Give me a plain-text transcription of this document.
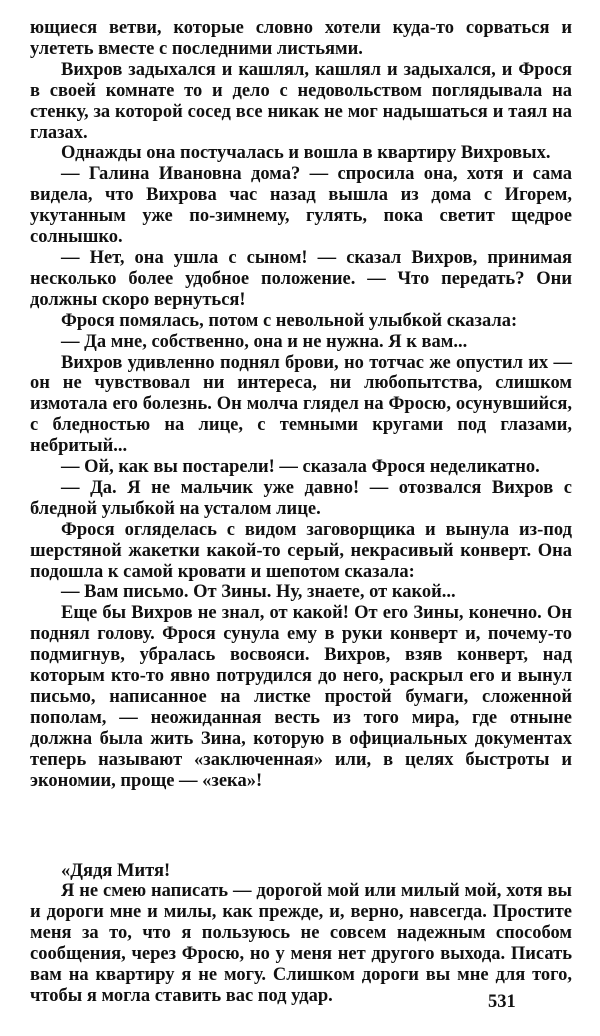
ющиеся ветви, которые словно хотели куда-то сорваться и улететь вместе с последними листьями.

Вихров задыхался и кашлял, кашлял и задыхался, и Фрося в своей комнате то и дело с недовольством поглядывала на стенку, за которой сосед все никак не мог надышаться и таял на глазах.

Однажды она постучалась и вошла в квартиру Вихровых.

— Галина Ивановна дома? — спросила она, хотя и сама видела, что Вихрова час назад вышла из дома с Игорем, укутанным уже по-зимнему, гулять, пока светит щедрое солнышко.

— Нет, она ушла с сыном! — сказал Вихров, принимая несколько более удобное положение. — Что передать? Они должны скоро вернуться!

Фрося помялась, потом с невольной улыбкой сказала:

— Да мне, собственно, она и не нужна. Я к вам...

Вихров удивленно поднял брови, но тотчас же опустил их — он не чувствовал ни интереса, ни любопытства, слишком измотала его болезнь. Он молча глядел на Фросю, осунувшийся, с бледностью на лице, с темными кругами под глазами, небритый...

— Ой, как вы постарели! — сказала Фрося неделикатно.

— Да. Я не мальчик уже давно! — отозвался Вихров с бледной улыбкой на усталом лице.

Фрося огляделась с видом заговорщика и вынула из-под шерстяной жакетки какой-то серый, некрасивый конверт. Она подошла к самой кровати и шепотом сказала:

— Вам письмо. От Зины. Ну, знаете, от какой...

Еще бы Вихров не знал, от какой! От его Зины, конечно. Он поднял голову. Фрося сунула ему в руки конверт и, почему-то подмигнув, убралась восвояси. Вихров, взяв конверт, над которым кто-то явно потрудился до него, раскрыл его и вынул письмо, написанное на листке простой бумаги, сложенной пополам, — неожиданная весть из того мира, где отныне должна была жить Зина, которую в официальных документах теперь называют «заключенная» или, в целях быстроты и экономии, проще — «зека»!

«Дядя Митя!

Я не смею написать — дорогой мой или милый мой, хотя вы и дороги мне и милы, как прежде, и, верно, навсегда. Простите меня за то, что я пользуюсь не совсем надежным способом сообщения, через Фросю, но у меня нет другого выхода. Писать вам на квартиру я не могу. Слишком дороги вы мне для того, чтобы я могла ставить вас под удар.	531
